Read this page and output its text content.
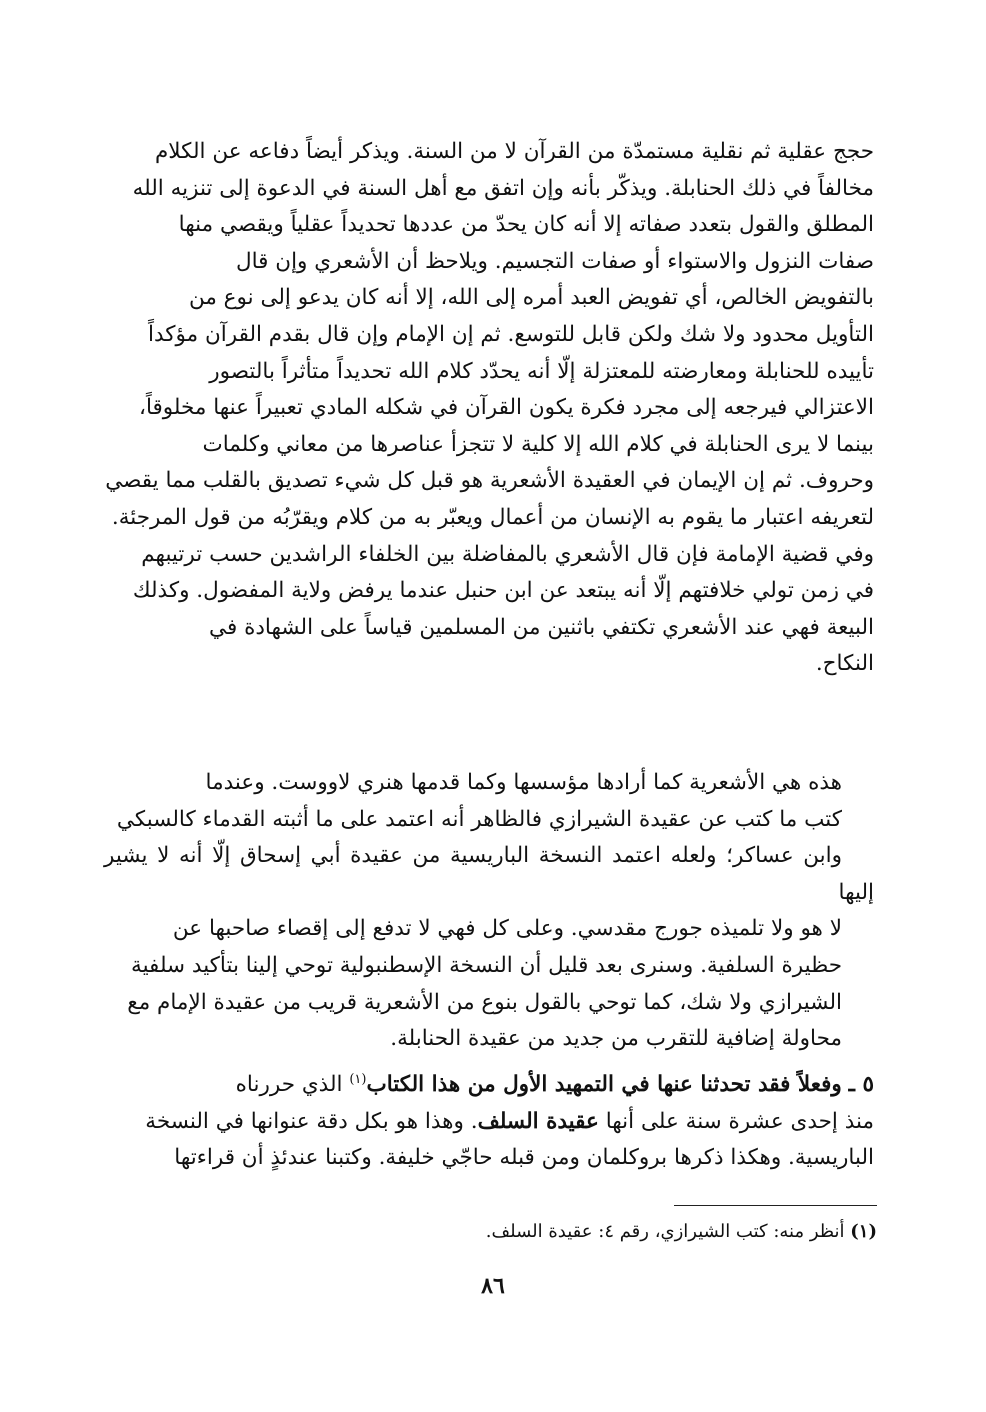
حجج عقلية ثم نقلية مستمدّة من القرآن لا من السنة. ويذكر أيضاً دفاعه عن الكلام
مخالفاً في ذلك الحنابلة. ويذكّر بأنه وإن اتفق مع أهل السنة في الدعوة إلى تنزيه الله
المطلق والقول بتعدد صفاته إلا أنه كان يحدّ من عددها تحديداً عقلياً ويقصي منها
صفات النزول والاستواء أو صفات التجسيم. ويلاحظ أن الأشعري وإن قال
بالتفويض الخالص، أي تفويض العبد أمره إلى الله، إلا أنه كان يدعو إلى نوع من
التأويل محدود ولا شك ولكن قابل للتوسع. ثم إن الإمام وإن قال بقدم القرآن مؤكداً
تأييده للحنابلة ومعارضته للمعتزلة إلّا أنه يحدّد كلام الله تحديداً متأثراً بالتصور
الاعتزالي فيرجعه إلى مجرد فكرة يكون القرآن في شكله المادي تعبيراً عنها مخلوقاً،
بينما لا يرى الحنابلة في كلام الله إلا كلية لا تتجزأ عناصرها من معاني وكلمات
وحروف. ثم إن الإيمان في العقيدة الأشعرية هو قبل كل شيء تصديق بالقلب مما يقصي
لتعريفه اعتبار ما يقوم به الإنسان من أعمال ويعبّر به من كلام ويقرّبُه من قول المرجئة.
وفي قضية الإمامة فإن قال الأشعري بالمفاضلة بين الخلفاء الراشدين حسب ترتيبهم
في زمن تولي خلافتهم إلّا أنه يبتعد عن ابن حنبل عندما يرفض ولاية المفضول. وكذلك
البيعة فهي عند الأشعري تكتفي باثنين من المسلمين قياساً على الشهادة في
النكاح.
هذه هي الأشعرية كما أرادها مؤسسها وكما قدمها هنري لاووست. وعندما
كتب ما كتب عن عقيدة الشيرازي فالظاهر أنه اعتمد على ما أثبته القدماء كالسبكي
وابن عساكر؛ ولعله اعتمد النسخة الباريسية من عقيدة أبي إسحاق إلّا أنه لا يشير إليها
لا هو ولا تلميذه جورج مقدسي. وعلى كل فهي لا تدفع إلى إقصاء صاحبها عن
حظيرة السلفية. وسنرى بعد قليل أن النسخة الإسطنبولية توحي إلينا بتأكيد سلفية
الشيرازي ولا شك، كما توحي بالقول بنوع من الأشعرية قريب من عقيدة الإمام مع
محاولة إضافية للتقرب من جديد من عقيدة الحنابلة.
٥ ـ وفعلاً فقد تحدثنا عنها في التمهيد الأول من هذا الكتاب$^{(١)}$ الذي حررناه
منذ إحدى عشرة سنة على أنها عقيدة السلف. وهذا هو بكل دقة عنوانها في النسخة
الباريسية. وهكذا ذكرها بروكلمان ومن قبله حاجّي خليفة. وكتبنا عندئذٍ أن قراءتها

(١) أنظر منه: كتب الشيرازي، رقم ٤: عقيدة السلف.

٨٦
